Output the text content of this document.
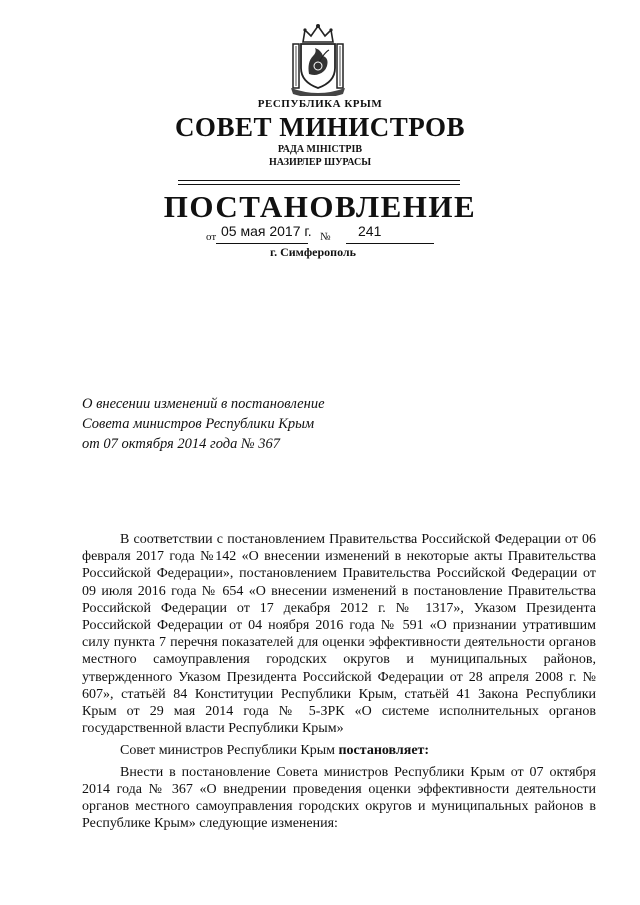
РЕСПУБЛИКА КРЫМ
СОВЕТ МИНИСТРОВ
РАДА МІНІСТРІВ
НАЗИРЛЕР ШУРАСЫ
ПОСТАНОВЛЕНИЕ
от 05 мая 2017 г. № 241
г. Симферополь
О внесении изменений в постановление
Совета министров Республики Крым
от 07 октября 2014 года № 367

В соответствии с постановлением Правительства Российской Федерации от 06 февраля 2017 года №142 «О внесении изменений в некоторые акты Правительства Российской Федерации», постановлением Правительства Российской Федерации от 09 июля 2016 года № 654 «О внесении изменений в постановление Правительства Российской Федерации от 17 декабря 2012 г. № 1317», Указом Президента Российской Федерации от 04 ноября 2016 года № 591 «О признании утратившим силу пункта 7 перечня показателей для оценки эффективности деятельности органов местного самоуправления городских округов и муниципальных районов, утвержденного Указом Президента Российской Федерации от 28 апреля 2008 г. № 607», статьёй 84 Конституции Республики Крым, статьёй 41 Закона Республики Крым от 29 мая 2014 года № 5-ЗРК «О системе исполнительных органов государственной власти Республики Крым»

Совет министров Республики Крым постановляет:

Внести в постановление Совета министров Республики Крым от 07 октября 2014 года № 367 «О внедрении проведения оценки эффективности деятельности органов местного самоуправления городских округов и муниципальных районов в Республике Крым» следующие изменения:
